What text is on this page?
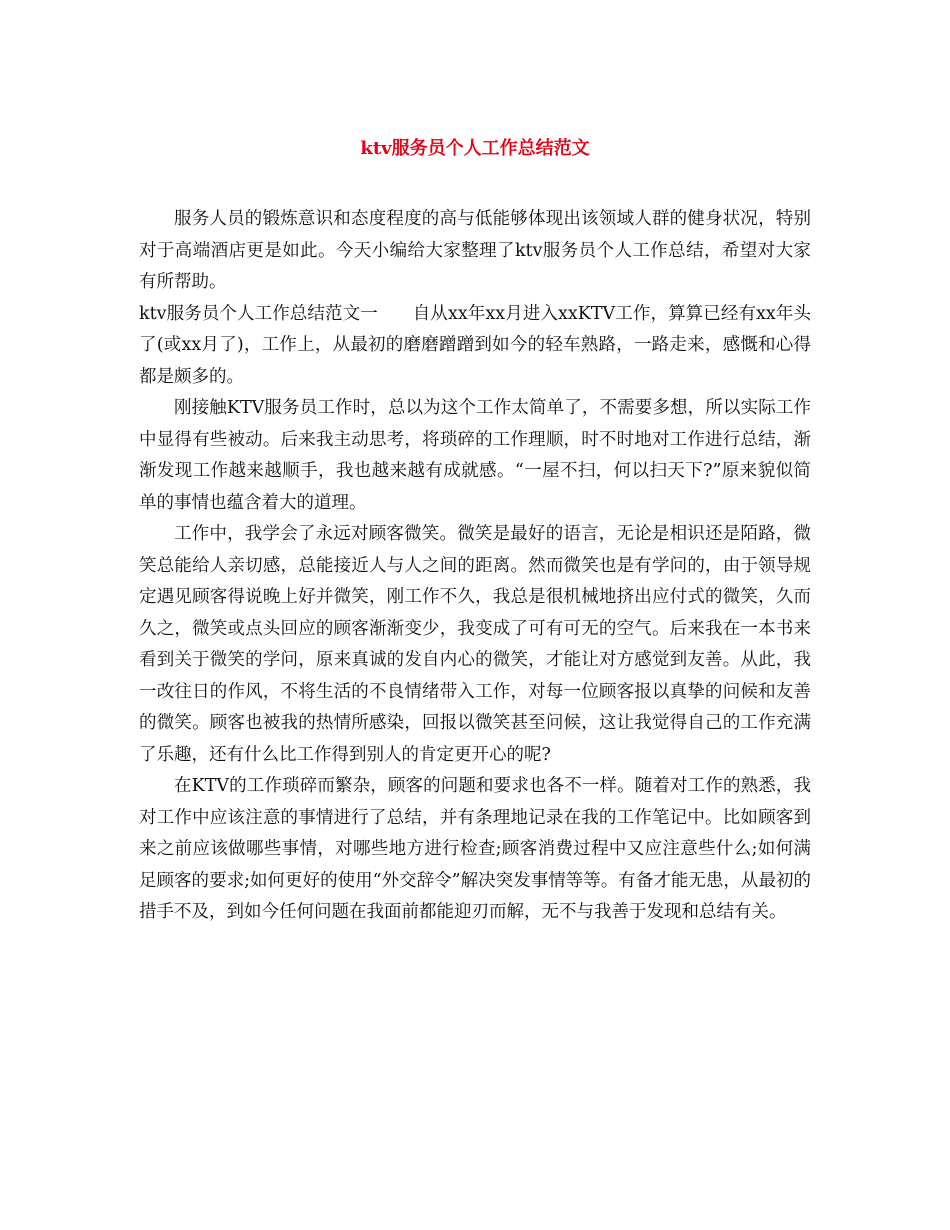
ktv服务员个人工作总结范文

服务人员的锻炼意识和态度程度的高与低能够体现出该领域人群的健身状况，特别对于高端酒店更是如此。今天小编给大家整理了ktv服务员个人工作总结，希望对大家有所帮助。

ktv服务员个人工作总结范文一 自从xx年xx月进入xxKTV工作，算算已经有xx年头了(或xx月了)，工作上，从最初的磨磨蹭蹭到如今的轻车熟路，一路走来，感慨和心得都是颇多的。

刚接触KTV服务员工作时，总以为这个工作太简单了，不需要多想，所以实际工作中显得有些被动。后来我主动思考，将琐碎的工作理顺，时不时地对工作进行总结，渐渐发现工作越来越顺手，我也越来越有成就感。“一屋不扫，何以扫天下?”原来貌似简单的事情也蕴含着大的道理。

工作中，我学会了永远对顾客微笑。微笑是最好的语言，无论是相识还是陌路，微笑总能给人亲切感，总能接近人与人之间的距离。然而微笑也是有学问的，由于领导规定遇见顾客得说晚上好并微笑，刚工作不久，我总是很机械地挤出应付式的微笑，久而久之，微笑或点头回应的顾客渐渐变少，我变成了可有可无的空气。后来我在一本书来看到关于微笑的学问，原来真诚的发自内心的微笑，才能让对方感觉到友善。从此，我一改往日的作风，不将生活的不良情绪带入工作，对每一位顾客报以真挚的问候和友善的微笑。顾客也被我的热情所感染，回报以微笑甚至问候，这让我觉得自己的工作充满了乐趣，还有什么比工作得到别人的肯定更开心的呢?

在KTV的工作琐碎而繁杂，顾客的问题和要求也各不一样。随着对工作的熟悉，我对工作中应该注意的事情进行了总结，并有条理地记录在我的工作笔记中。比如顾客到来之前应该做哪些事情，对哪些地方进行检查;顾客消费过程中又应注意些什么;如何满足顾客的要求;如何更好的使用“外交辞令”解决突发事情等等。有备才能无患，从最初的措手不及，到如今任何问题在我面前都能迎刃而解，无不与我善于发现和总结有关。
